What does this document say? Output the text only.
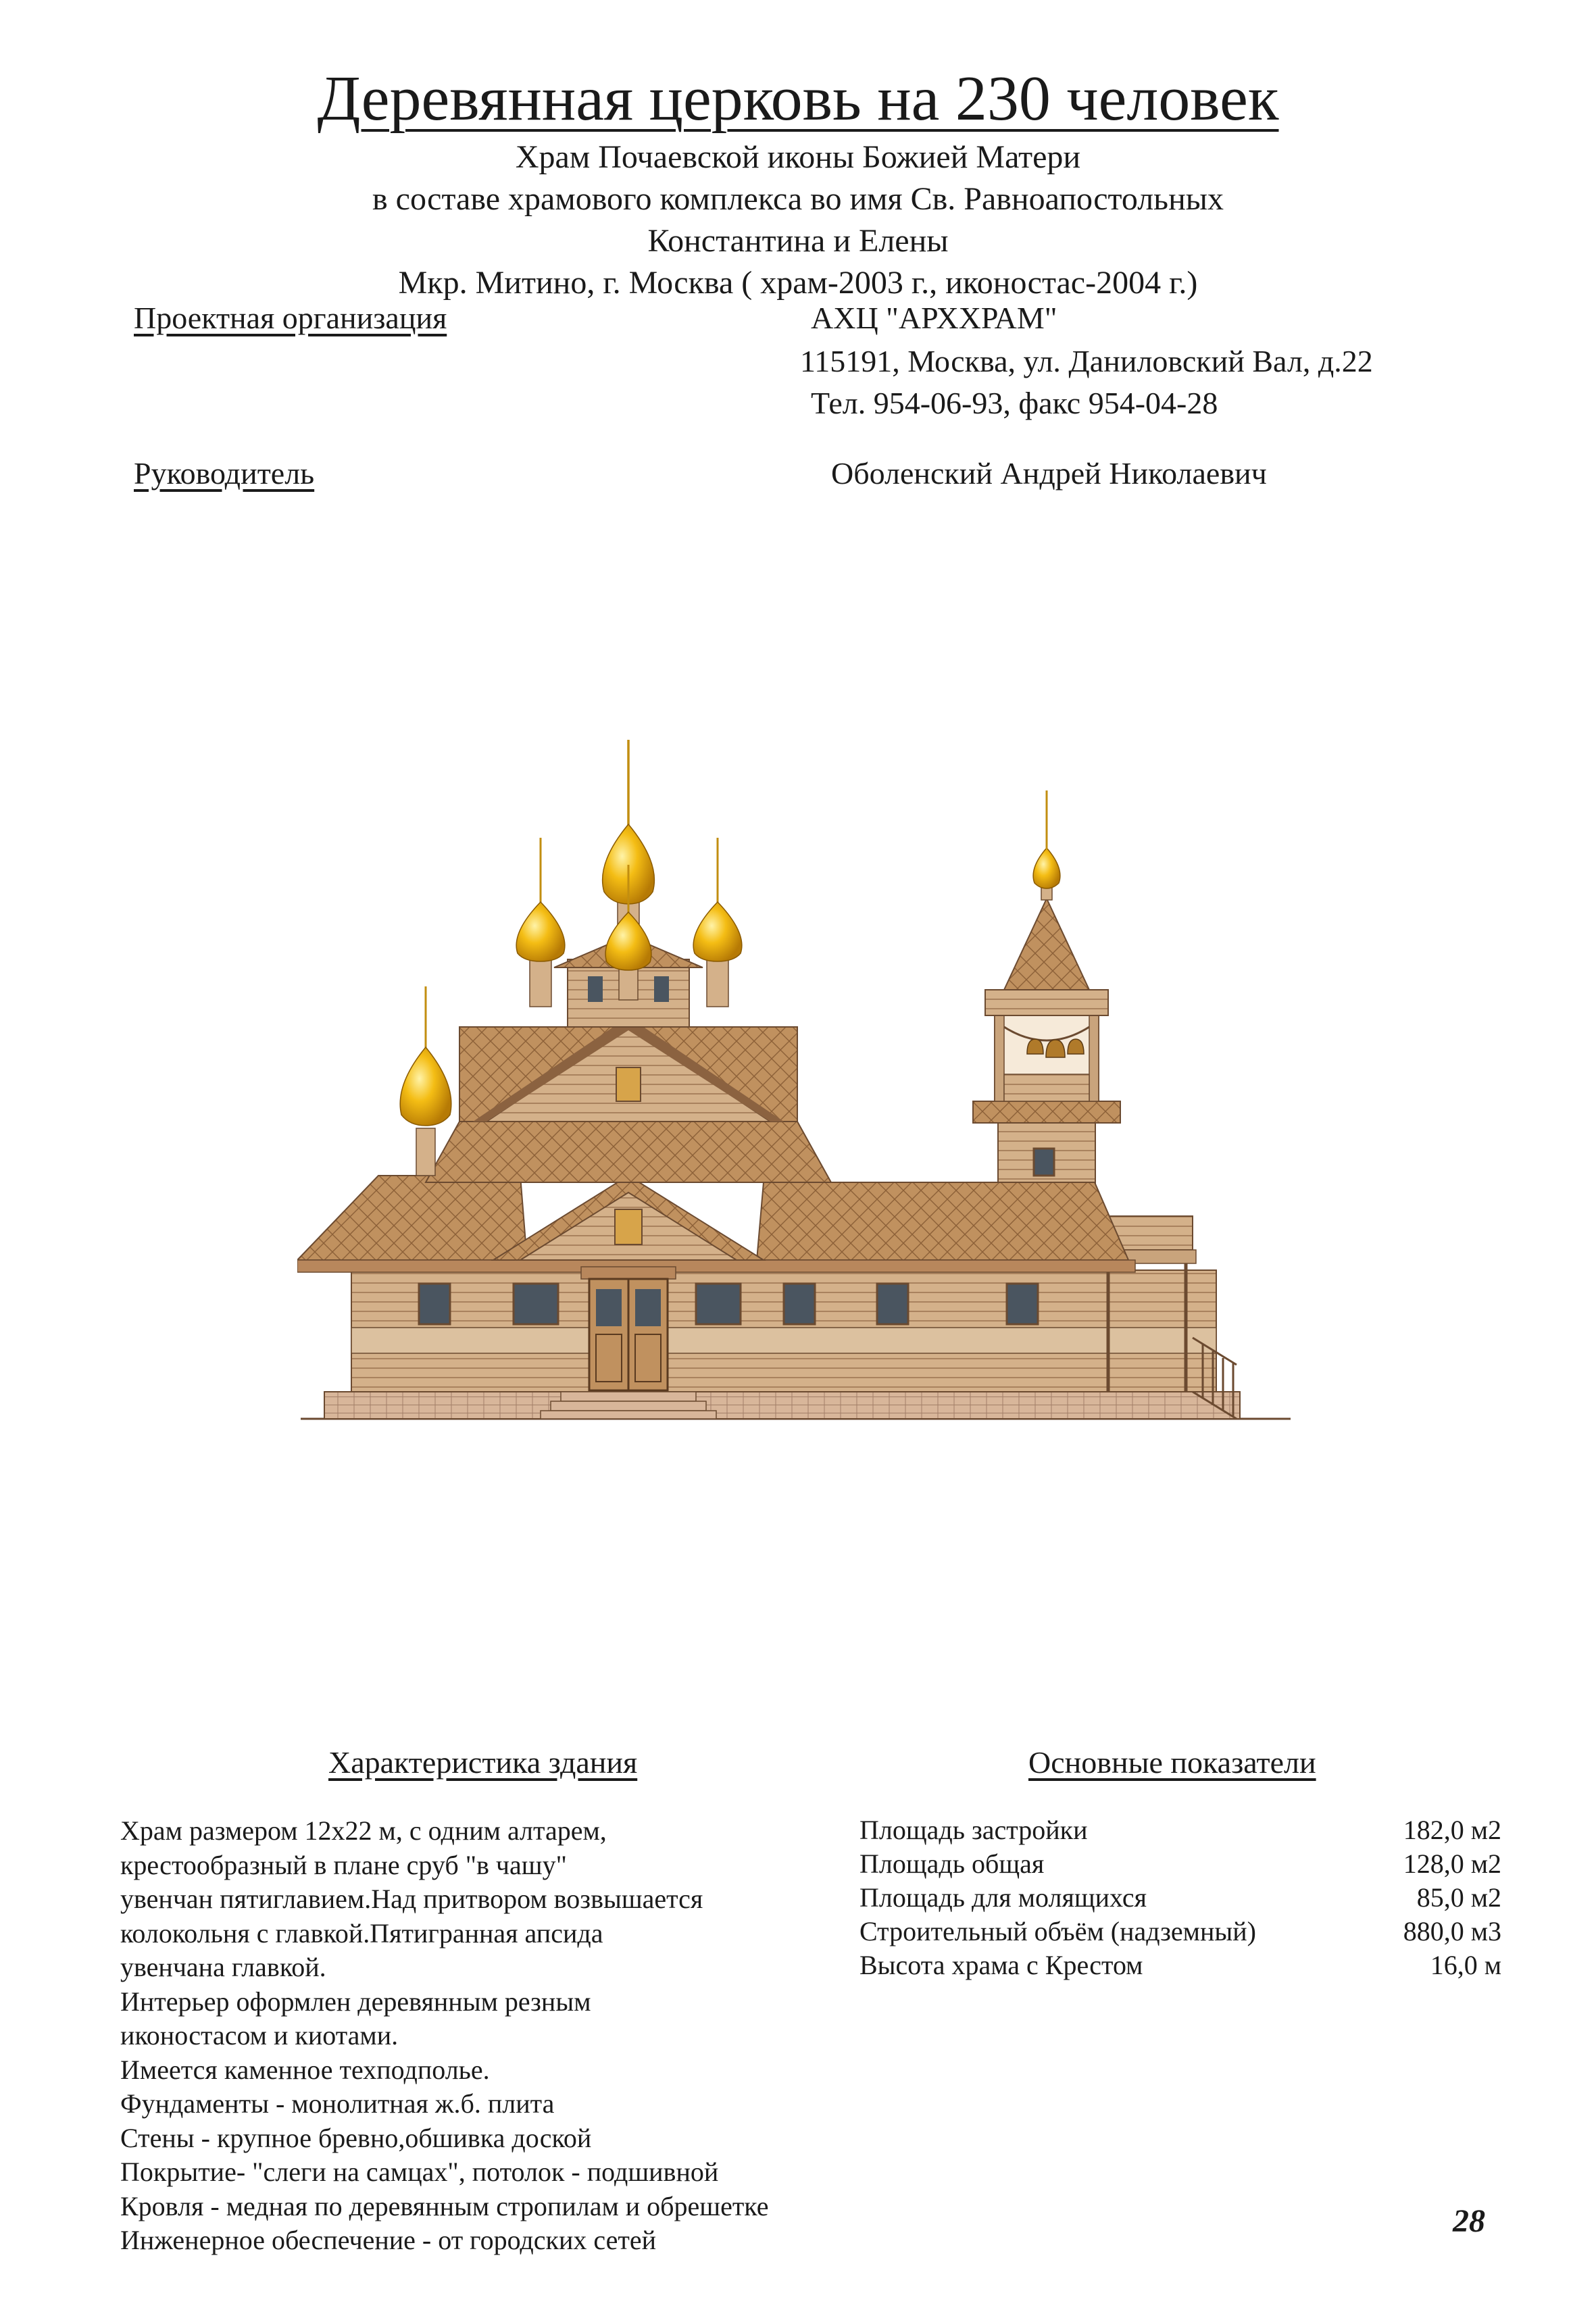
Деревянная церковь на 230 человек
Храм Почаевской иконы Божией Матери
в составе храмового комплекса во имя Св. Равноапостольных
Константина и Елены
Мкр. Митино, г. Москва ( храм-2003 г., иконостас-2004 г.)
Проектная организация	АХЦ "АРХХРАМ"
115191, Москва, ул. Даниловский Вал, д.22
Тел. 954-06-93, факс 954-04-28
Руководитель	Оболенский Андрей Николаевич
Характеристика здания
Храм размером 12х22 м, с одним алтарем,
крестообразный в плане сруб "в чашу"
увенчан пятиглавием.Над притвором возвышается
колокольня с главкой.Пятигранная апсида
увенчана главкой.
Интерьер оформлен деревянным резным
иконостасом и киотами.
Имеется каменное техподполье.
Фундаменты - монолитная ж.б. плита
Стены - крупное бревно,обшивка доской
Покрытие- "слеги на самцах", потолок - подшивной
Кровля - медная по деревянным стропилам и обрешетке
Инженерное обеспечение - от городских сетей
Основные показатели
Площадь застройки	182,0 м2
Площадь общая	128,0 м2
Площадь для молящихся	85,0 м2
Строительный объём (надземный)	880,0 м3
Высота храма с Крестом	16,0 м
28
